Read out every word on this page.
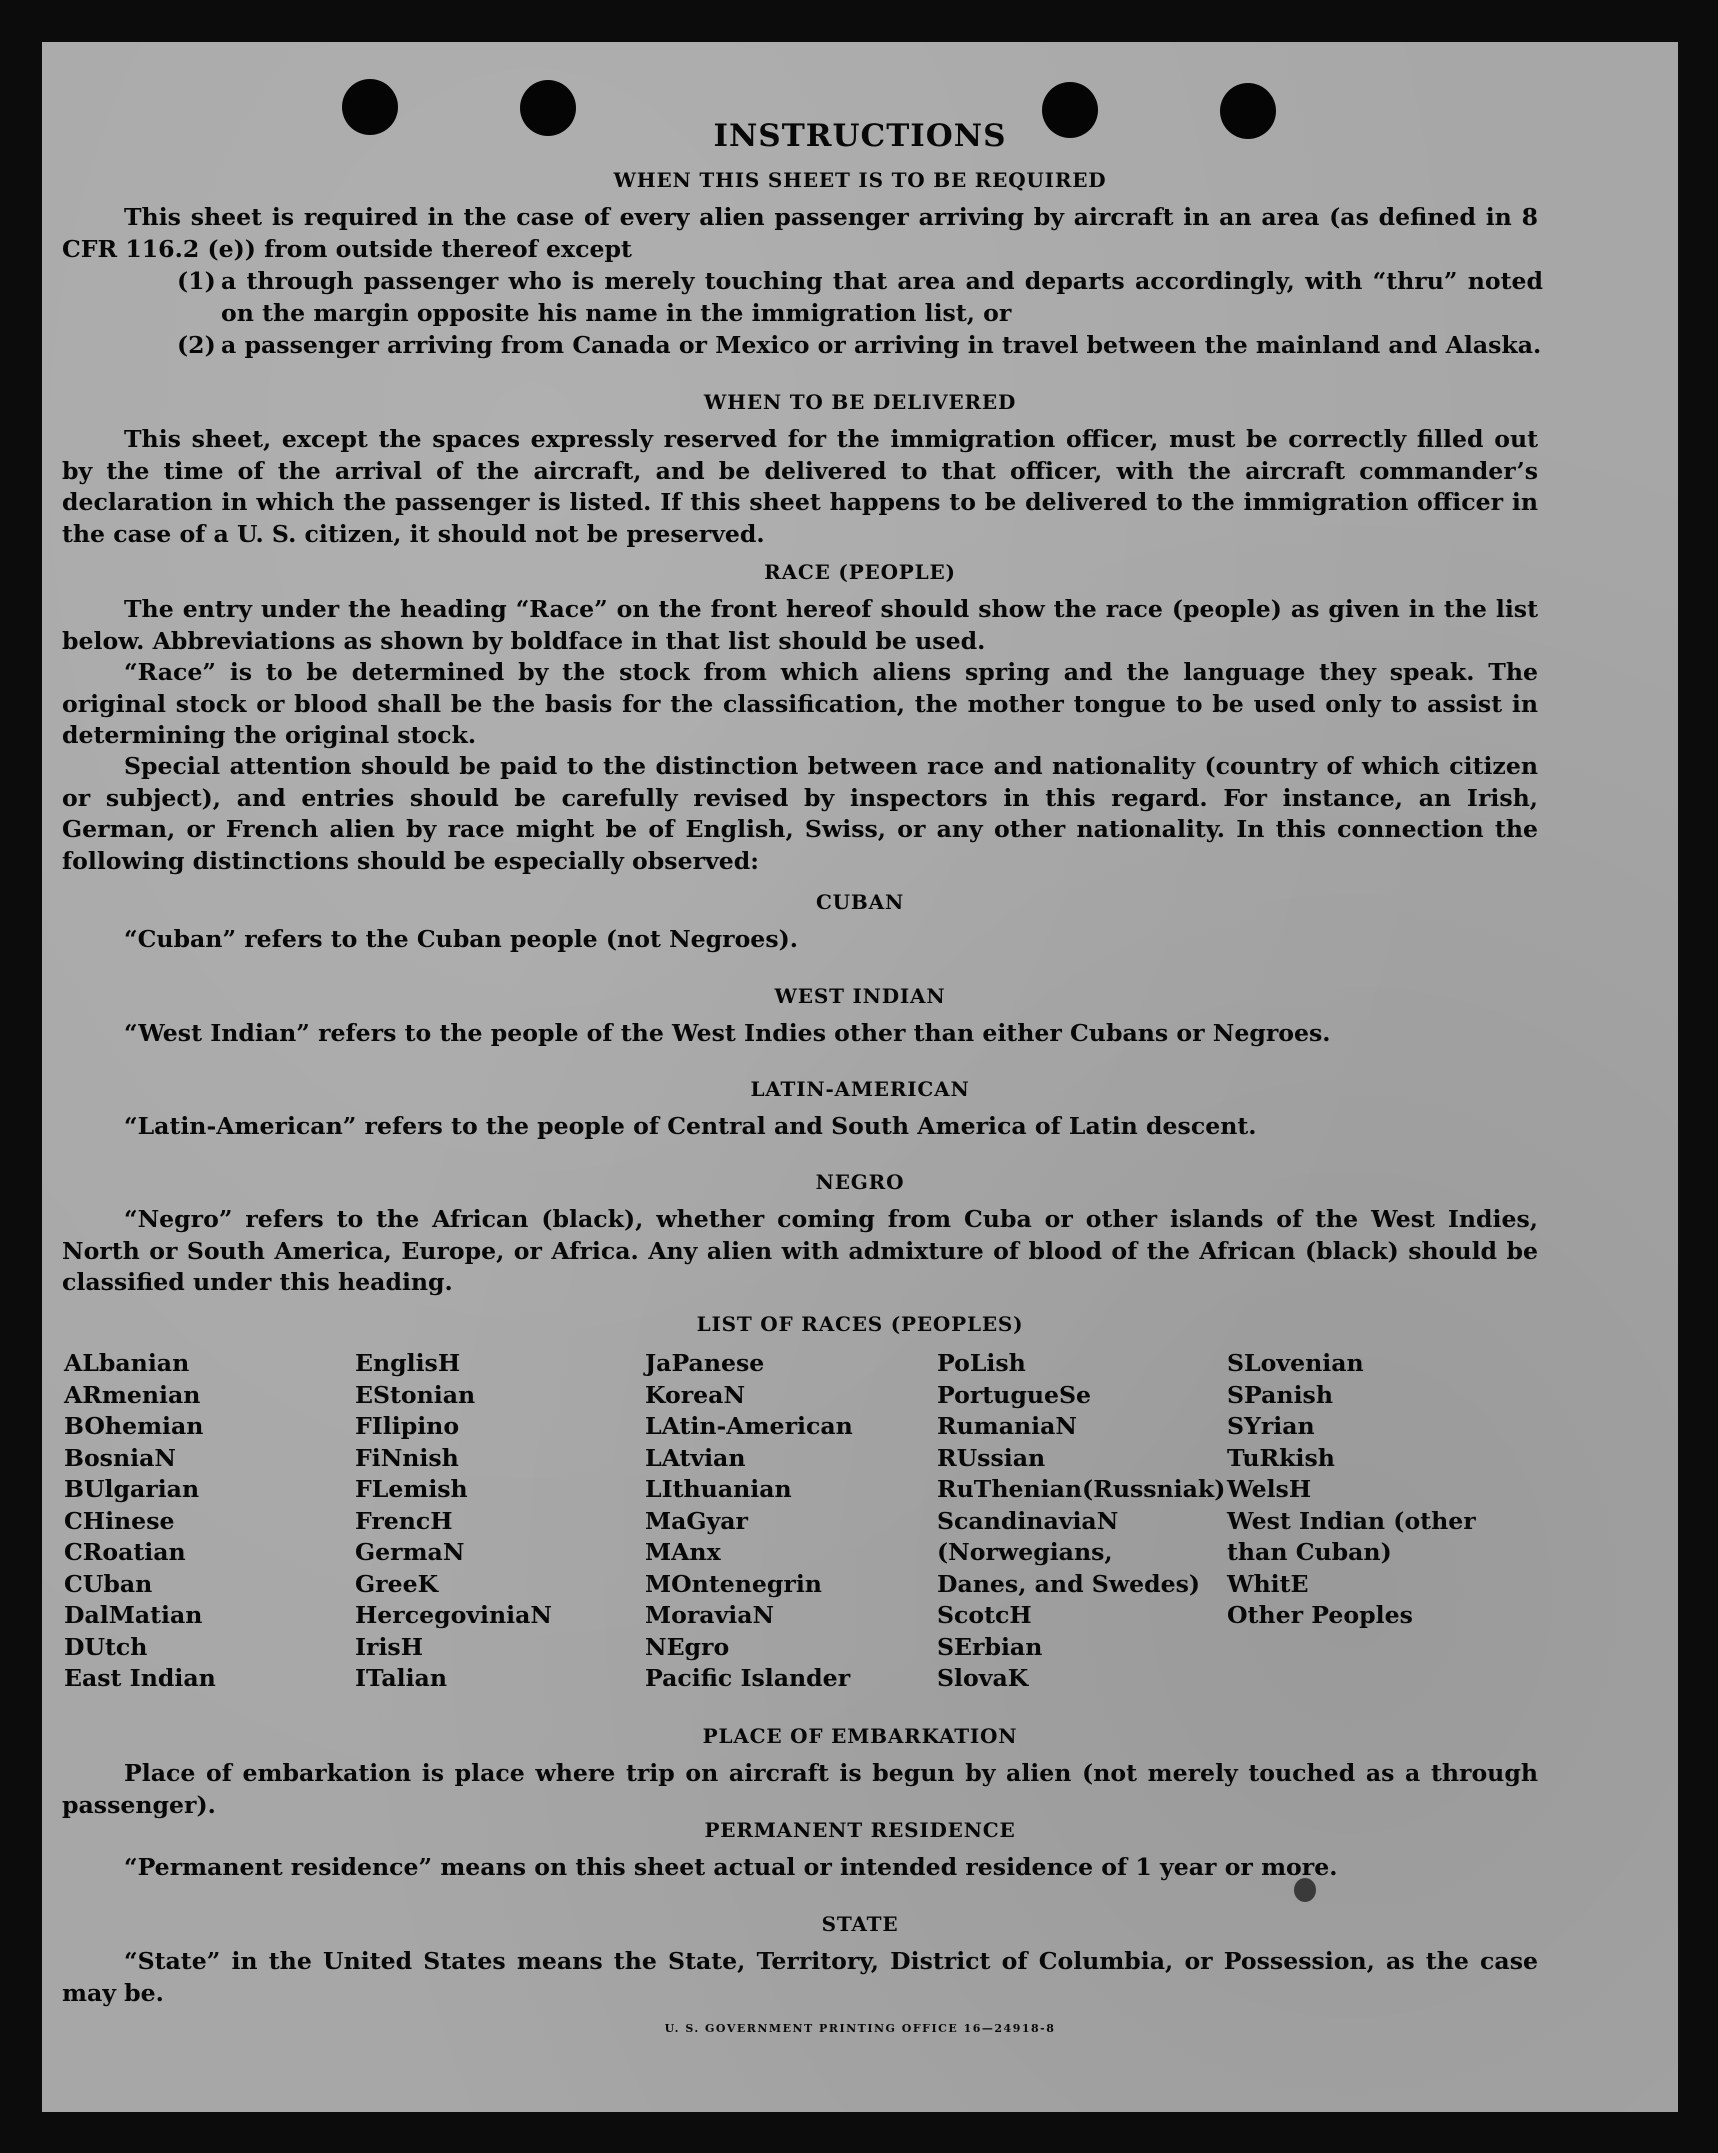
INSTRUCTIONS
WHEN THIS SHEET IS TO BE REQUIRED
This sheet is required in the case of every alien passenger arriving by aircraft in an area (as defined in 8 CFR 116.2 (e)) from outside thereof except
(1) a through passenger who is merely touching that area and departs accordingly, with “thru” noted on the margin opposite his name in the immigration list, or
(2) a passenger arriving from Canada or Mexico or arriving in travel between the mainland and Alaska.
WHEN TO BE DELIVERED
This sheet, except the spaces expressly reserved for the immigration officer, must be correctly filled out by the time of the arrival of the aircraft, and be delivered to that officer, with the aircraft commander’s declaration in which the passenger is listed. If this sheet happens to be delivered to the immigration officer in the case of a U. S. citizen, it should not be preserved.
RACE (PEOPLE)
The entry under the heading “Race” on the front hereof should show the race (people) as given in the list below. Abbreviations as shown by boldface in that list should be used.
“Race” is to be determined by the stock from which aliens spring and the language they speak. The original stock or blood shall be the basis for the classification, the mother tongue to be used only to assist in determining the original stock.
Special attention should be paid to the distinction between race and nationality (country of which citizen or subject), and entries should be carefully revised by inspectors in this regard. For instance, an Irish, German, or French alien by race might be of English, Swiss, or any other nationality. In this connection the following distinctions should be especially observed:
CUBAN
“Cuban” refers to the Cuban people (not Negroes).
WEST INDIAN
“West Indian” refers to the people of the West Indies other than either Cubans or Negroes.
LATIN-AMERICAN
“Latin-American” refers to the people of Central and South America of Latin descent.
NEGRO
“Negro” refers to the African (black), whether coming from Cuba or other islands of the West Indies, North or South America, Europe, or Africa. Any alien with admixture of blood of the African (black) should be classified under this heading.
LIST OF RACES (PEOPLES)
ALbanian
ARmenian
BOhemian
BosniaN
BUlgarian
CHinese
CRoatian
CUban
DalMatian
DUtch
East Indian
EnglisH
EStonian
FIlipino
FiNnish
FLemish
FrencH
GermaN
GreeK
HercegoviniaN
IrisH
ITalian
JaPanese
KoreaN
LAtin-American
LAtvian
LIthuanian
MaGyar
MAnx
MOntenegrin
MoraviaN
NEgro
Pacific Islander
PoLish
PortugueSe
RumaniaN
RUssian
RuThenian(Russniak)
ScandinaviaN (Norwegians, Danes, and Swedes)
ScotcH
SErbian
SlovaK
SLovenian
SPanish
SYrian
TuRkish
WelsH
West Indian (other than Cuban)
WhitE
Other Peoples
PLACE OF EMBARKATION
Place of embarkation is place where trip on aircraft is begun by alien (not merely touched as a through passenger).
PERMANENT RESIDENCE
“Permanent residence” means on this sheet actual or intended residence of 1 year or more.
STATE
“State” in the United States means the State, Territory, District of Columbia, or Possession, as the case may be.
U. S. GOVERNMENT PRINTING OFFICE 16—24918-8
